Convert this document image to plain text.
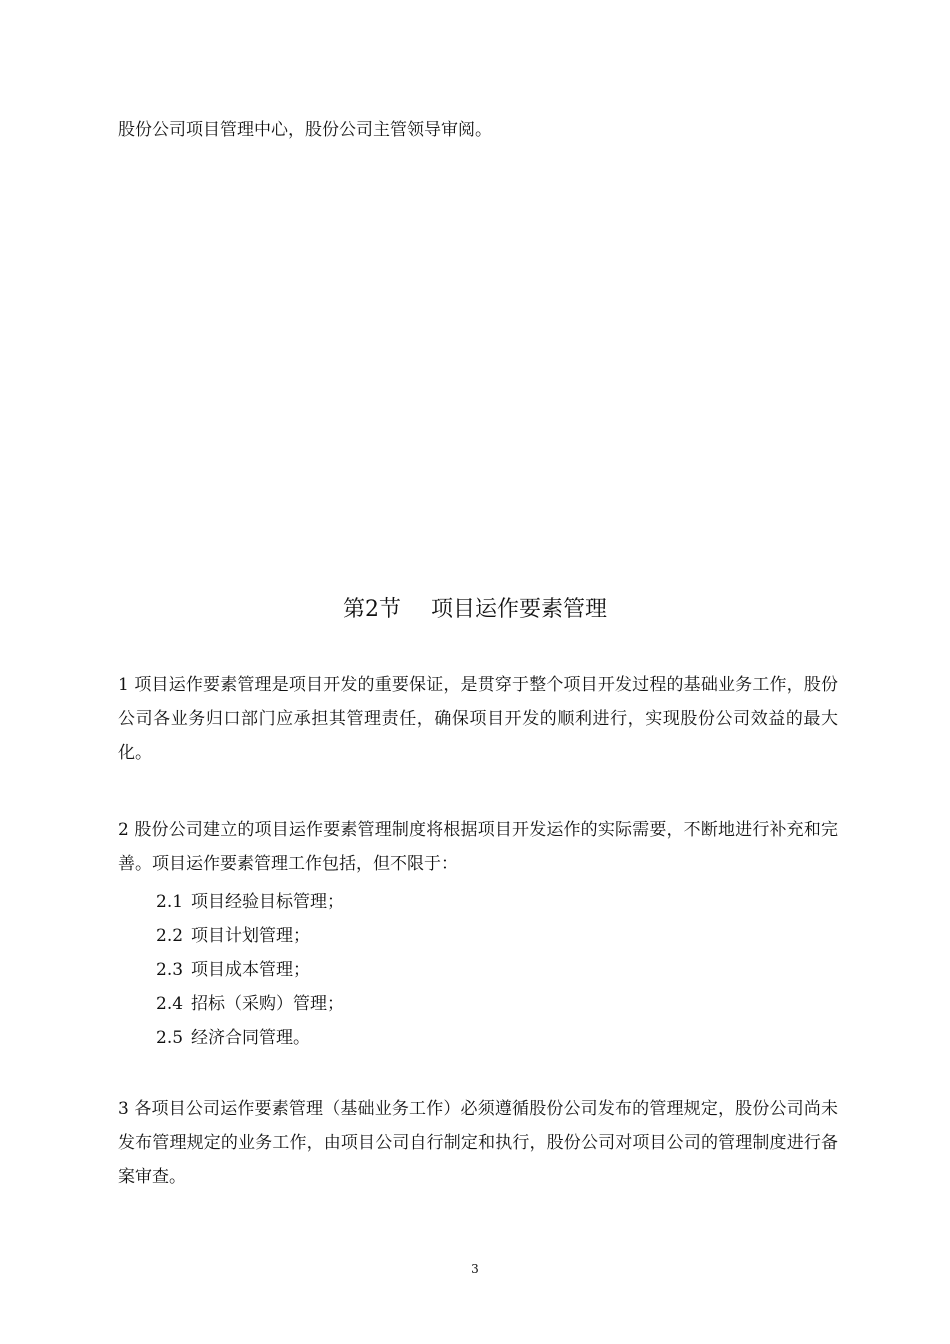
股份公司项目管理中心，股份公司主管领导审阅。
第2节 项目运作要素管理
1 项目运作要素管理是项目开发的重要保证，是贯穿于整个项目开发过程的基础业务工作，股份公司各业务归口部门应承担其管理责任，确保项目开发的顺利进行，实现股份公司效益的最大化。
2 股份公司建立的项目运作要素管理制度将根据项目开发运作的实际需要，不断地进行补充和完善。项目运作要素管理工作包括，但不限于：
2.1 项目经验目标管理；
2.2 项目计划管理；
2.3 项目成本管理；
2.4 招标（采购）管理；
2.5 经济合同管理。
3 各项目公司运作要素管理（基础业务工作）必须遵循股份公司发布的管理规定，股份公司尚未发布管理规定的业务工作，由项目公司自行制定和执行，股份公司对项目公司的管理制度进行备案审查。
3
